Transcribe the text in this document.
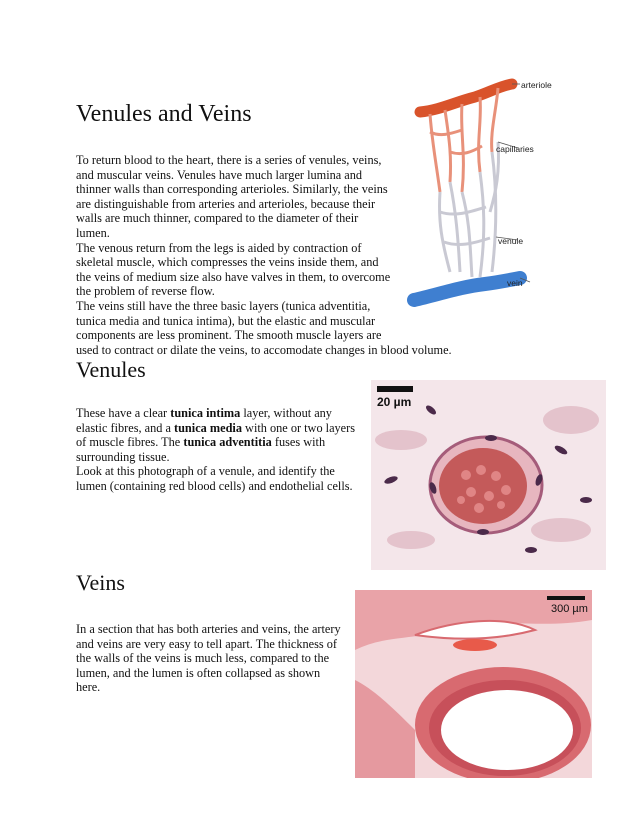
Venules and Veins
To return blood to the heart, there is a series of venules, veins,
and muscular veins. Venules have much larger lumina and
thinner walls than corresponding arterioles. Similarly, the veins
are distinguishable from arteries and arterioles, because their
walls are much thinner, compared to the diameter of their
lumen.
The venous return from the legs is aided by contraction of
skeletal muscle, which compresses the veins inside them, and
the veins of medium size also have valves in them, to overcome
the problem of reverse flow.
The veins still have the three basic layers (tunica adventitia,
tunica media and tunica intima), but the elastic and muscular
components are less prominent. The smooth muscle layers are
used to contract or dilate the veins, to accomodate changes in blood volume.
arteriole
capillaries
venule
vein
Venules
These have a clear tunica intima layer, without any
elastic fibres, and a tunica media with one or two layers
of muscle fibres. The tunica adventitia fuses with
surrounding tissue.
Look at this photograph of a venule, and identify the
lumen (containing red blood cells) and endothelial cells.
20 µm
Veins
In a section that has both arteries and veins, the artery
and veins are very easy to tell apart. The thickness of
the walls of the veins is much less, compared to the
lumen, and the lumen is often collapsed as shown
here.
300 µm
